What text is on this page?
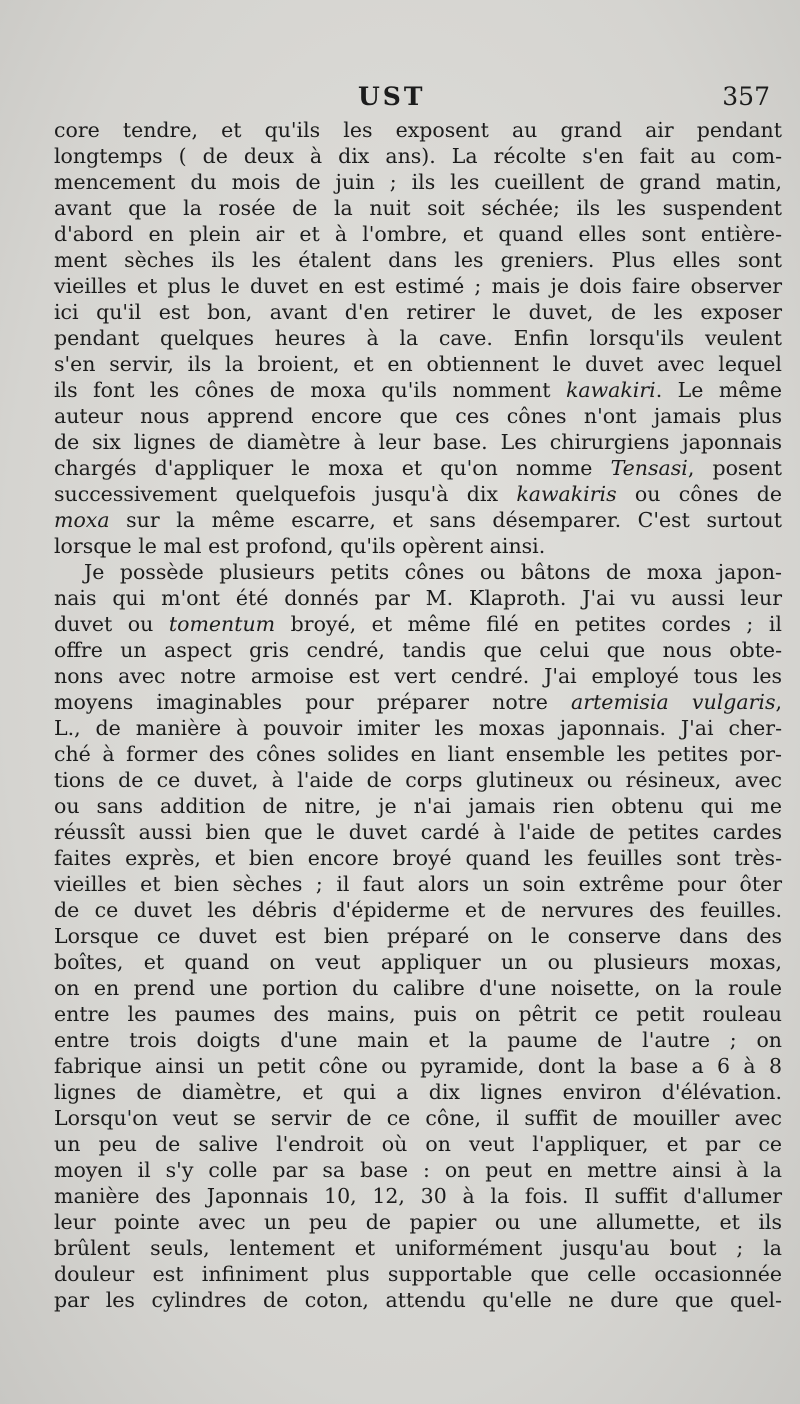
UST	357
core tendre, et qu'ils les exposent au grand air pendant
longtemps ( de deux à dix ans). La récolte s'en fait au com-
mencement du mois de juin ; ils les cueillent de grand matin,
avant que la rosée de la nuit soit séchée; ils les suspendent
d'abord en plein air et à l'ombre, et quand elles sont entière-
ment sèches ils les étalent dans les greniers. Plus elles sont
vieilles et plus le duvet en est estimé ; mais je dois faire observer
ici qu'il est bon, avant d'en retirer le duvet, de les exposer
pendant quelques heures à la cave. Enfin lorsqu'ils veulent
s'en servir, ils la broient, et en obtiennent le duvet avec lequel
ils font les cônes de moxa qu'ils nomment kawakiri. Le même
auteur nous apprend encore que ces cônes n'ont jamais plus
de six lignes de diamètre à leur base. Les chirurgiens japonnais
chargés d'appliquer le moxa et qu'on nomme Tensasi, posent
successivement quelquefois jusqu'à dix kawakiris ou cônes de
moxa sur la même escarre, et sans désemparer. C'est surtout
lorsque le mal est profond, qu'ils opèrent ainsi.
Je possède plusieurs petits cônes ou bâtons de moxa japon-
nais qui m'ont été donnés par M. Klaproth. J'ai vu aussi leur
duvet ou tomentum broyé, et même filé en petites cordes ; il
offre un aspect gris cendré, tandis que celui que nous obte-
nons avec notre armoise est vert cendré. J'ai employé tous les
moyens imaginables pour préparer notre artemisia vulgaris,
L., de manière à pouvoir imiter les moxas japonnais. J'ai cher-
ché à former des cônes solides en liant ensemble les petites por-
tions de ce duvet, à l'aide de corps glutineux ou résineux, avec
ou sans addition de nitre, je n'ai jamais rien obtenu qui me
réussît aussi bien que le duvet cardé à l'aide de petites cardes
faites exprès, et bien encore broyé quand les feuilles sont très-
vieilles et bien sèches ; il faut alors un soin extrême pour ôter
de ce duvet les débris d'épiderme et de nervures des feuilles.
Lorsque ce duvet est bien préparé on le conserve dans des
boîtes, et quand on veut appliquer un ou plusieurs moxas,
on en prend une portion du calibre d'une noisette, on la roule
entre les paumes des mains, puis on pêtrit ce petit rouleau
entre trois doigts d'une main et la paume de l'autre ; on
fabrique ainsi un petit cône ou pyramide, dont la base a 6 à 8
lignes de diamètre, et qui a dix lignes environ d'élévation.
Lorsqu'on veut se servir de ce cône, il suffit de mouiller avec
un peu de salive l'endroit où on veut l'appliquer, et par ce
moyen il s'y colle par sa base : on peut en mettre ainsi à la
manière des Japonnais 10, 12, 30 à la fois. Il suffit d'allumer
leur pointe avec un peu de papier ou une allumette, et ils
brûlent seuls, lentement et uniformément jusqu'au bout ; la
douleur est infiniment plus supportable que celle occasionnée
par les cylindres de coton, attendu qu'elle ne dure que quel-
